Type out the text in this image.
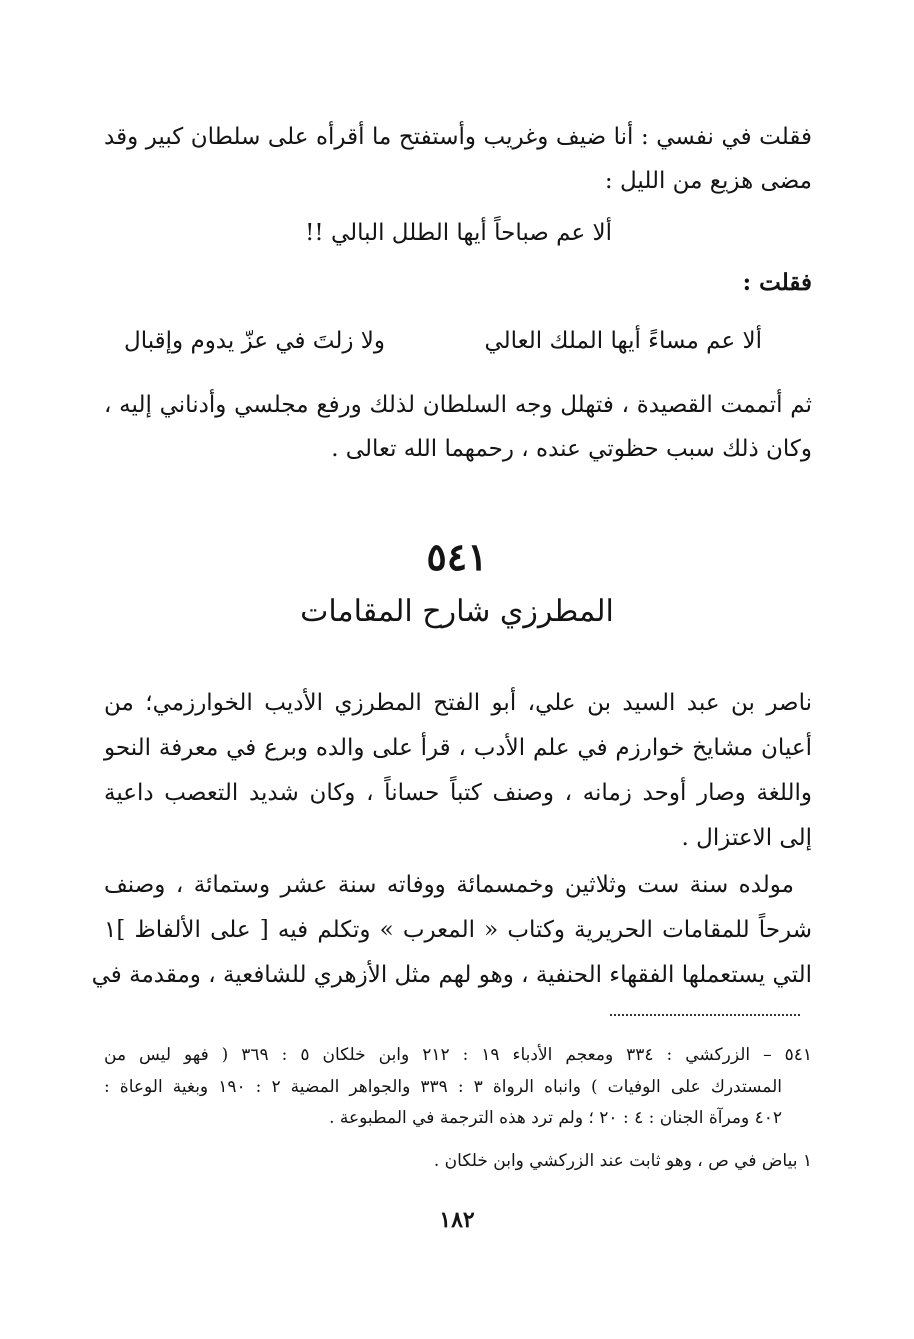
فقلت في نفسي : أنا ضيف وغريب وأستفتح ما أقرأه على سلطان كبير وقد
مضى هزيع من الليل :
ألا عم صباحاً أيها الطلل البالي !!
فقلت :
ألا عم مساءً أيها الملك العالي
ولا زلتَ في عزّ يدوم وإقبال
ثم أتممت القصيدة ، فتهلل وجه السلطان لذلك ورفع مجلسي وأدناني إليه ،
وكان ذلك سبب حظوتي عنده ، رحمهما الله تعالى .
٥٤١
المطرزي شارح المقامات
ناصر بن عبد السيد بن علي، أبو الفتح المطرزي الأديب الخوارزمي؛ من
أعيان مشايخ خوارزم في علم الأدب ، قرأ على والده وبرع في معرفة النحو
واللغة وصار أوحد زمانه ، وصنف كتباً حساناً ، وكان شديد التعصب داعية
إلى الاعتزال .
مولده سنة ست وثلاثين وخمسمائة ووفاته سنة عشر وستمائة ، وصنف
شرحاً للمقامات الحريرية وكتاب « المعرب » وتكلم فيه [ على الألفاظ ]١
التي يستعملها الفقهاء الحنفية ، وهو لهم مثل الأزهري للشافعية ، ومقدمة في
٥٤١ – الزركشي : ٣٣٤ ومعجم الأدباء ١٩ : ٢١٢ وابن خلكان ٥ : ٣٦٩ ( فهو ليس من
المستدرك على الوفيات ) وانباه الرواة ٣ : ٣٣٩ والجواهر المضية ٢ : ١٩٠ وبغية الوعاة :
٤٠٢ ومرآة الجنان : ٤ : ٢٠ ؛ ولم ترد هذه الترجمة في المطبوعة .
١ بياض في ص ، وهو ثابت عند الزركشي وابن خلكان .
١٨٢
